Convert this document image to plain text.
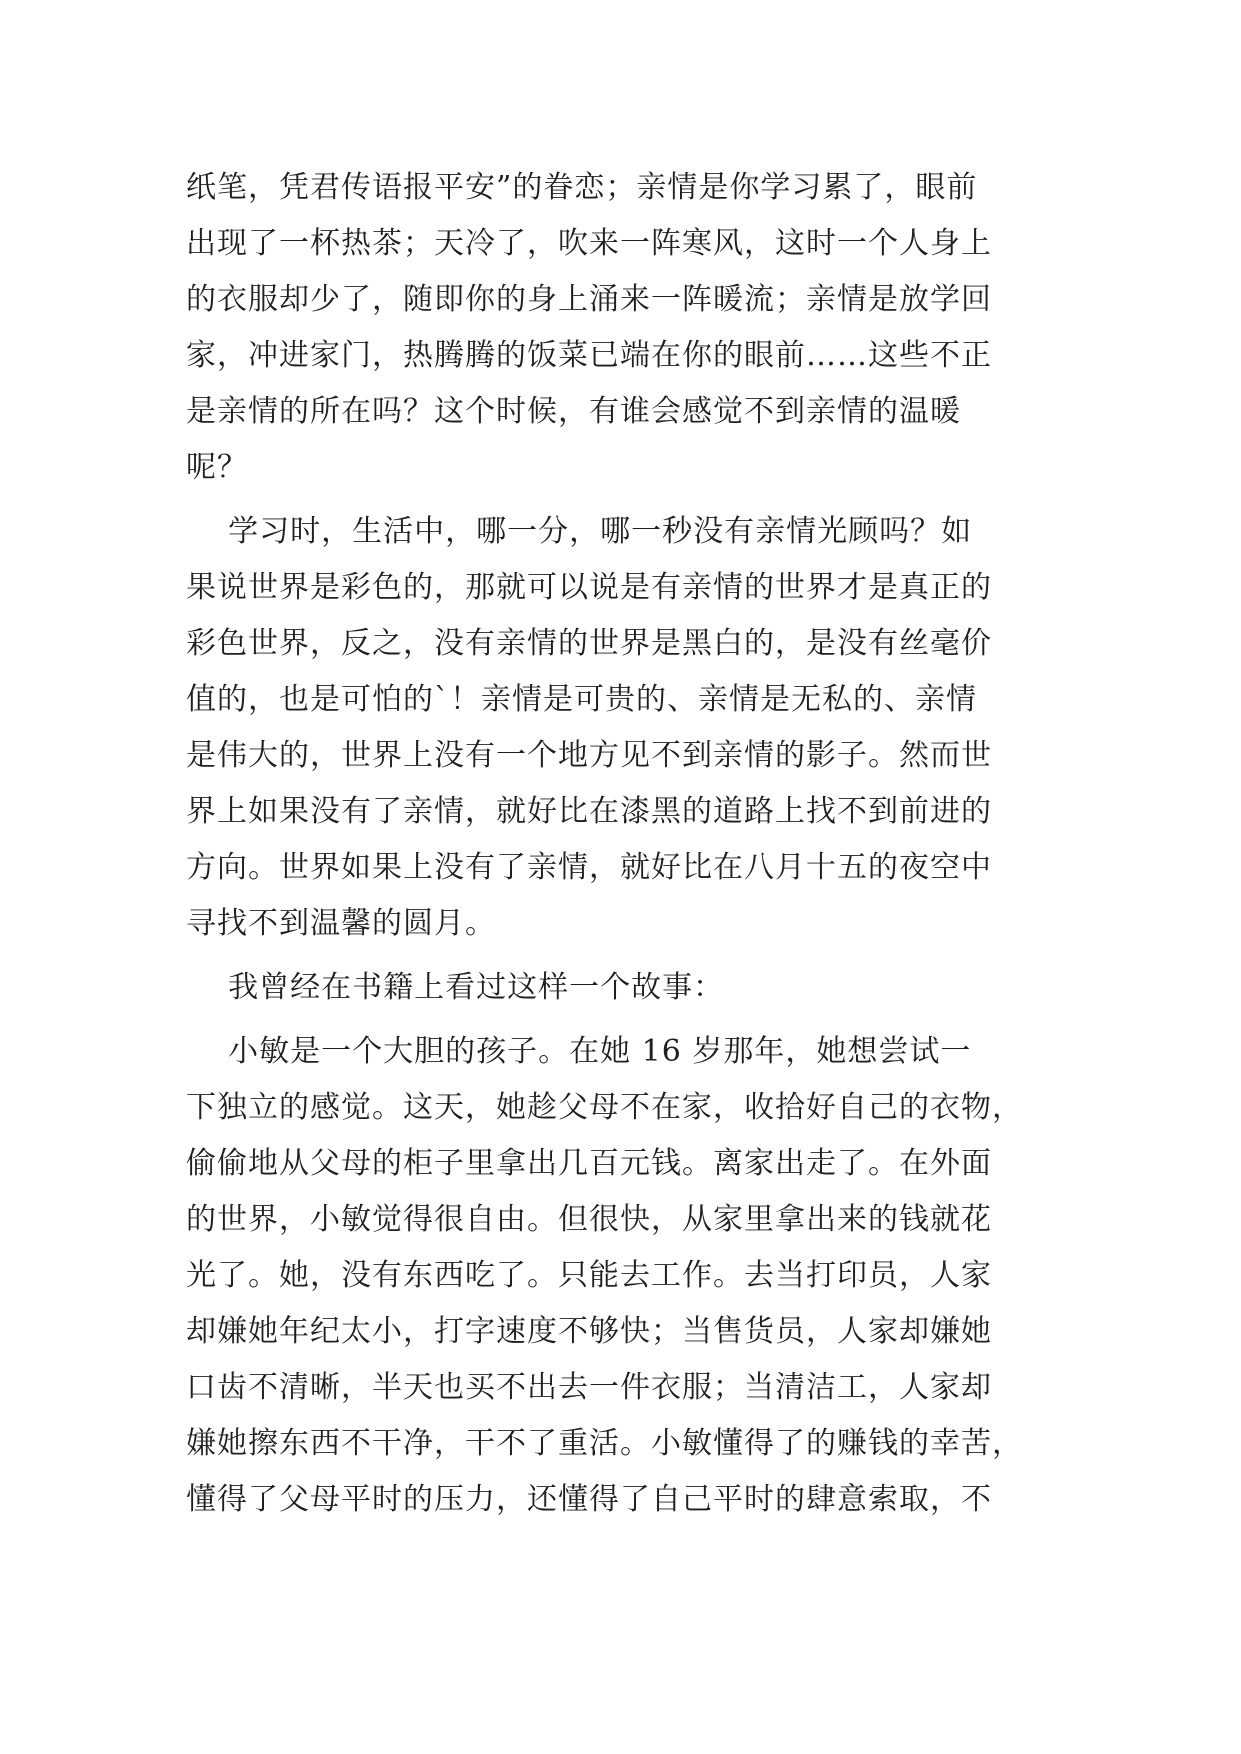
纸笔，凭君传语报平安”的眷恋；亲情是你学习累了，眼前
出现了一杯热茶；天冷了，吹来一阵寒风，这时一个人身上
的衣服却少了，随即你的身上涌来一阵暖流；亲情是放学回
家，冲进家门，热腾腾的饭菜已端在你的眼前……这些不正
是亲情的所在吗？这个时候，有谁会感觉不到亲情的温暖
呢？
学习时，生活中，哪一分，哪一秒没有亲情光顾吗？如
果说世界是彩色的，那就可以说是有亲情的世界才是真正的
彩色世界，反之，没有亲情的世界是黑白的，是没有丝毫价
值的，也是可怕的`！亲情是可贵的、亲情是无私的、亲情
是伟大的，世界上没有一个地方见不到亲情的影子。然而世
界上如果没有了亲情，就好比在漆黑的道路上找不到前进的
方向。世界如果上没有了亲情，就好比在八月十五的夜空中
寻找不到温馨的圆月。
我曾经在书籍上看过这样一个故事：
小敏是一个大胆的孩子。在她 16 岁那年，她想尝试一
下独立的感觉。这天，她趁父母不在家，收拾好自己的衣物，
偷偷地从父母的柜子里拿出几百元钱。离家出走了。在外面
的世界，小敏觉得很自由。但很快，从家里拿出来的钱就花
光了。她，没有东西吃了。只能去工作。去当打印员，人家
却嫌她年纪太小，打字速度不够快；当售货员，人家却嫌她
口齿不清晰，半天也买不出去一件衣服；当清洁工，人家却
嫌她擦东西不干净，干不了重活。小敏懂得了的赚钱的幸苦，
懂得了父母平时的压力，还懂得了自己平时的肆意索取，不
